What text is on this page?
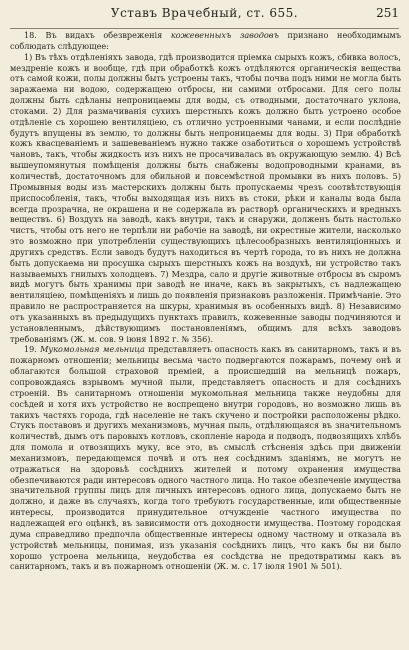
Уставъ Врачебный, ст. 655.	251

18. Въ видахъ обезвреженія кожевенныхъ заводовъ признано необходимымъ соблюдать слѣдующее:

1) Въ тѣхъ отдѣленіяхъ завода, гдѣ производится пріемка сырыхъ кожъ, сбивка волосъ, мездреніе кожъ и вообще, гдѣ при обработкѣ кожъ отдѣляются органическія вещества отъ самой кожи, полы должны быть устроены такъ, чтобы почва подъ ними не могла быть заражаема ни водою, содержащею отбросы, ни самими отбросами. Для сего полы должны быть сдѣланы непроницаемы для воды, съ отводными, достаточнаго уклона, стоками. 2) Для размачиванія сухихъ шерстныхъ кожъ должно быть устроено особое отдѣленіе съ хорошею вентиляціею, съ отлично устроенными чанами, и если послѣдніе будутъ впущены въ землю, то должны быть непроницаемы для воды. 3) При обработкѣ кожъ квасцеваніемъ и зашевеваніемъ нужно также озаботиться о хорошемъ устройствѣ чановъ, такъ, чтобы жидкость изъ нихъ не просачивалась въ окружающую землю. 4) Всѣ вышеупомянутыя помѣщенія должны быть снабжены водопроводными кранами, въ количествѣ, достаточномъ для обильной и повсемѣстной промывки въ нихъ половъ. 5) Промывныя воды изъ мастерскихъ должны быть пропускаемы чрезъ соотвѣтствующія приспособленія, такъ, чтобы выходящая изъ нихъ въ стоки, рѣки и каналы вода была всегда прозрачна, не окрашена и не содержала въ растворѣ органическихъ и вредныхъ веществъ. 6) Воздухъ на заводѣ, какъ внутри, такъ и снаружи, долженъ быть настолько чистъ, чтобы отъ него не терпѣли ни рабочіе на заводѣ, ни окрестные жители, насколько это возможно при употребленіи существующихъ цѣлесообразныхъ вентиляціонныхъ и другихъ средствъ. Если заводъ будутъ находиться въ чертѣ города, то въ нихъ не должна быть допускаема ни просушка сырыхъ шерстныхъ кожъ на воздухѣ, ни устройство такъ называемыхъ гнилыхъ холодцевъ. 7) Мездра, сало и другіе животные отбросы въ сыромъ видѣ могутъ быть хранимы при заводѣ не иначе, какъ въ закрытыхъ, съ надлежащею вентиляціею, помѣщеніяхъ и лишь до появленія признаковъ разложенія. Примѣчаніе. Это правило не распространяется на шкуры, хранимыя въ особенныхъ видѣ. 8) Независимо отъ указанныхъ въ предыдущихъ пунктахъ правилъ, кожевенные заводы подчиняются и установленнымъ, дѣйствующимъ постановленіямъ, общимъ для всѣхъ заводовъ требованіямъ (Ж. м. сов. 9 іюня 1892 г. № 356).

19. Мукомольная мельница представляетъ опасность какъ въ санитарномъ, такъ и въ пожарномъ отношеніи; мельницы весьма часто подвергаются пожарамъ, почему онѣ и облагаются большой страховой преміей, а происшедшій на мельницѣ пожаръ, сопровождаясь взрывомъ мучной пыли, представляетъ опасность и для сосѣднихъ строеній. Въ санитарномъ отношеніи мукомольная мельница также неудобны для сосѣдей и хотя ихъ устройство не воспрещено внутри городовъ, но возможно лишь въ такихъ частяхъ города, гдѣ населеніе не такъ скучено и постройки расположены рѣдко. Стукъ поставовъ и другихъ механизмовъ, мучная пыль, отдѣляющаяся въ значительномъ количествѣ, дымъ отъ паровыхъ котловъ, скопленіе народа и подводъ, подвозящихъ хлѣбъ для помола и отвозящихъ муку, все это, въ смыслѣ стѣсненія здѣсь при движеніи механизмовъ, передающемся почвѣ и отъ нея сосѣднимъ зданіямъ, не могутъ не отражаться на здоровьѣ сосѣднихъ жителей и потому охранения имущества обезпечиваются ради интересовъ одного частного лица. Но такое обезпеченіе имущества значительной группы лицъ для личныхъ интересовъ одного лица, допускаемо быть не должно, и даже въ случаяхъ, когда того требуютъ государственные, или общественные интересы, производится принудительное отчужденіе частного имущества по надлежащей его оцѣнкѣ, въ зависимости отъ доходности имущества. Поэтому городская дума справедливо предпочла общественные интересы одному частному и отказала въ устройствѣ мельницы, понимая, изъ указанія сосѣднихъ лицъ, что какъ бы ни было хорошо устроена мельница, неудобства ея сосѣдства не предотвратимы какъ въ санитарномъ, такъ и въ пожарномъ отношеніи (Ж. м. с. 17 іюля 1901 № 501).
